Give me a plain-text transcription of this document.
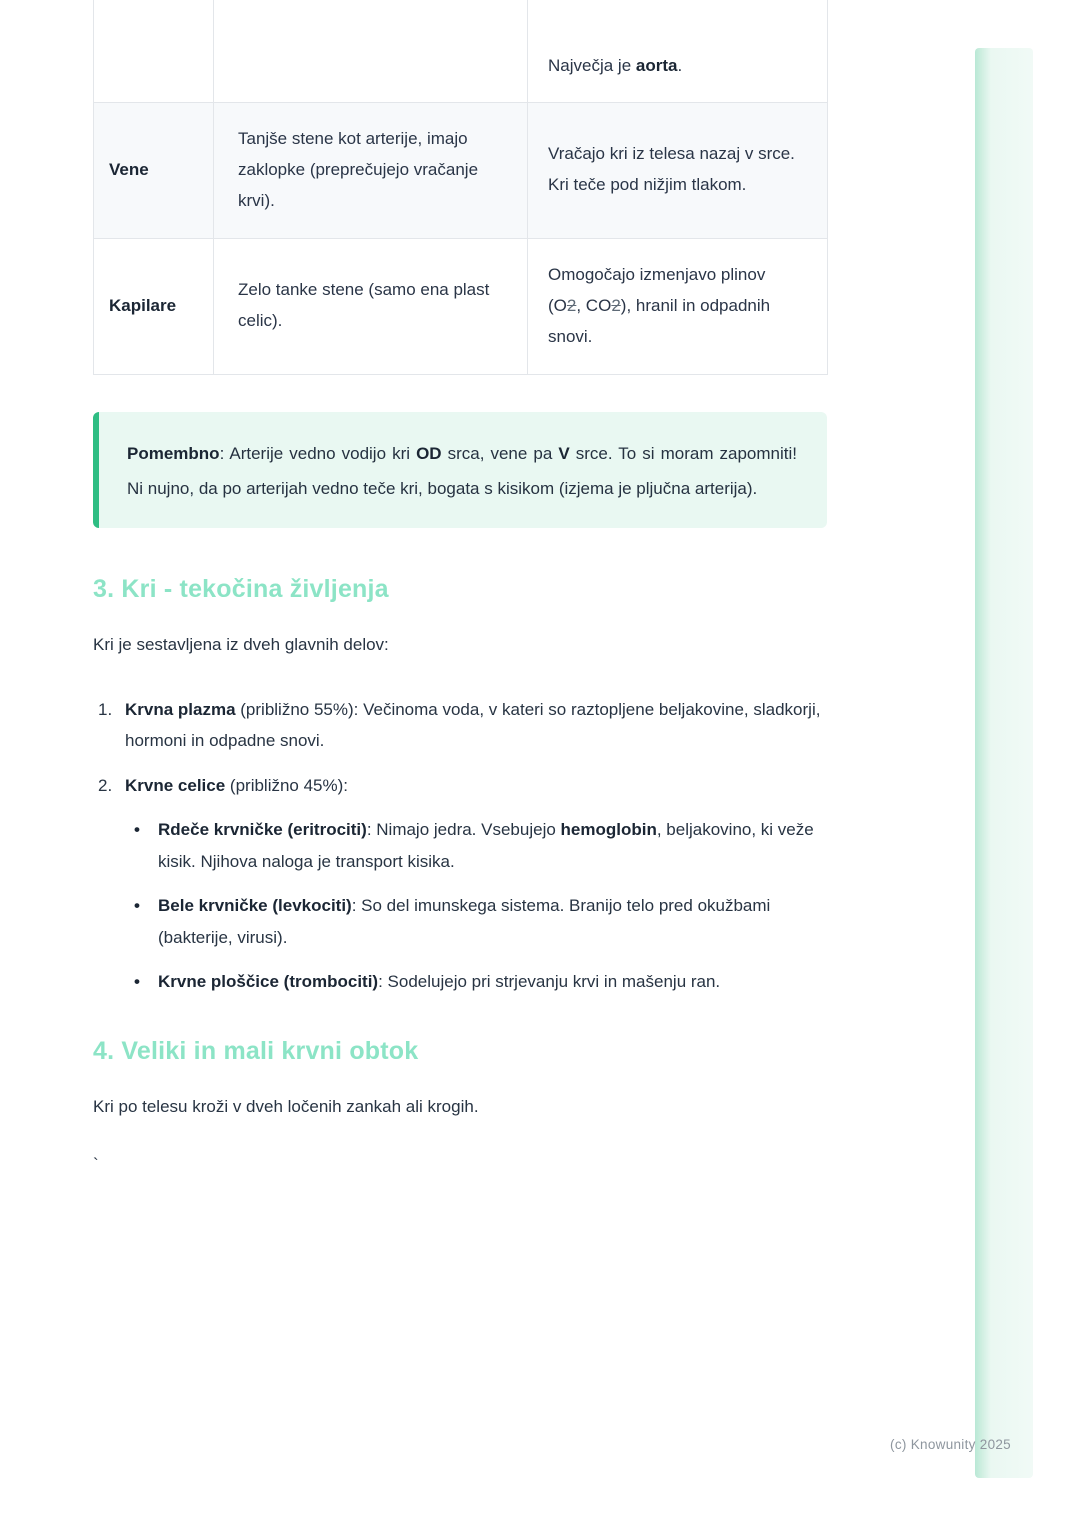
		Največja je aorta.
Vene	Tanjše stene kot arterije, imajo zaklopke (preprečujejo vračanje krvi).	Vračajo kri iz telesa nazaj v srce. Kri teče pod nižjim tlakom.
Kapilare	Zelo tanke stene (samo ena plast celic).	Omogočajo izmenjavo plinov (O2, CO2), hranil in odpadnih snovi.

Pomembno: Arterije vedno vodijo kri OD srca, vene pa V srce. To si moram zapomniti! Ni nujno, da po arterijah vedno teče kri, bogata s kisikom (izjema je pljučna arterija).

3. Kri - tekočina življenja

Kri je sestavljena iz dveh glavnih delov:

1. Krvna plazma (približno 55%): Večinoma voda, v kateri so raztopljene beljakovine, sladkorji, hormoni in odpadne snovi.
2. Krvne celice (približno 45%):
•	Rdeče krvničke (eritrociti): Nimajo jedra. Vsebujejo hemoglobin, beljakovino, ki veže kisik. Njihova naloga je transport kisika.
•	Bele krvničke (levkociti): So del imunskega sistema. Branijo telo pred okužbami (bakterije, virusi).
•	Krvne ploščice (trombociti): Sodelujejo pri strjevanju krvi in mašenju ran.
4. Veliki in mali krvni obtok

Kri po telesu kroži v dveh ločenih zankah ali krogih.

`

(c) Knowunity 2025
